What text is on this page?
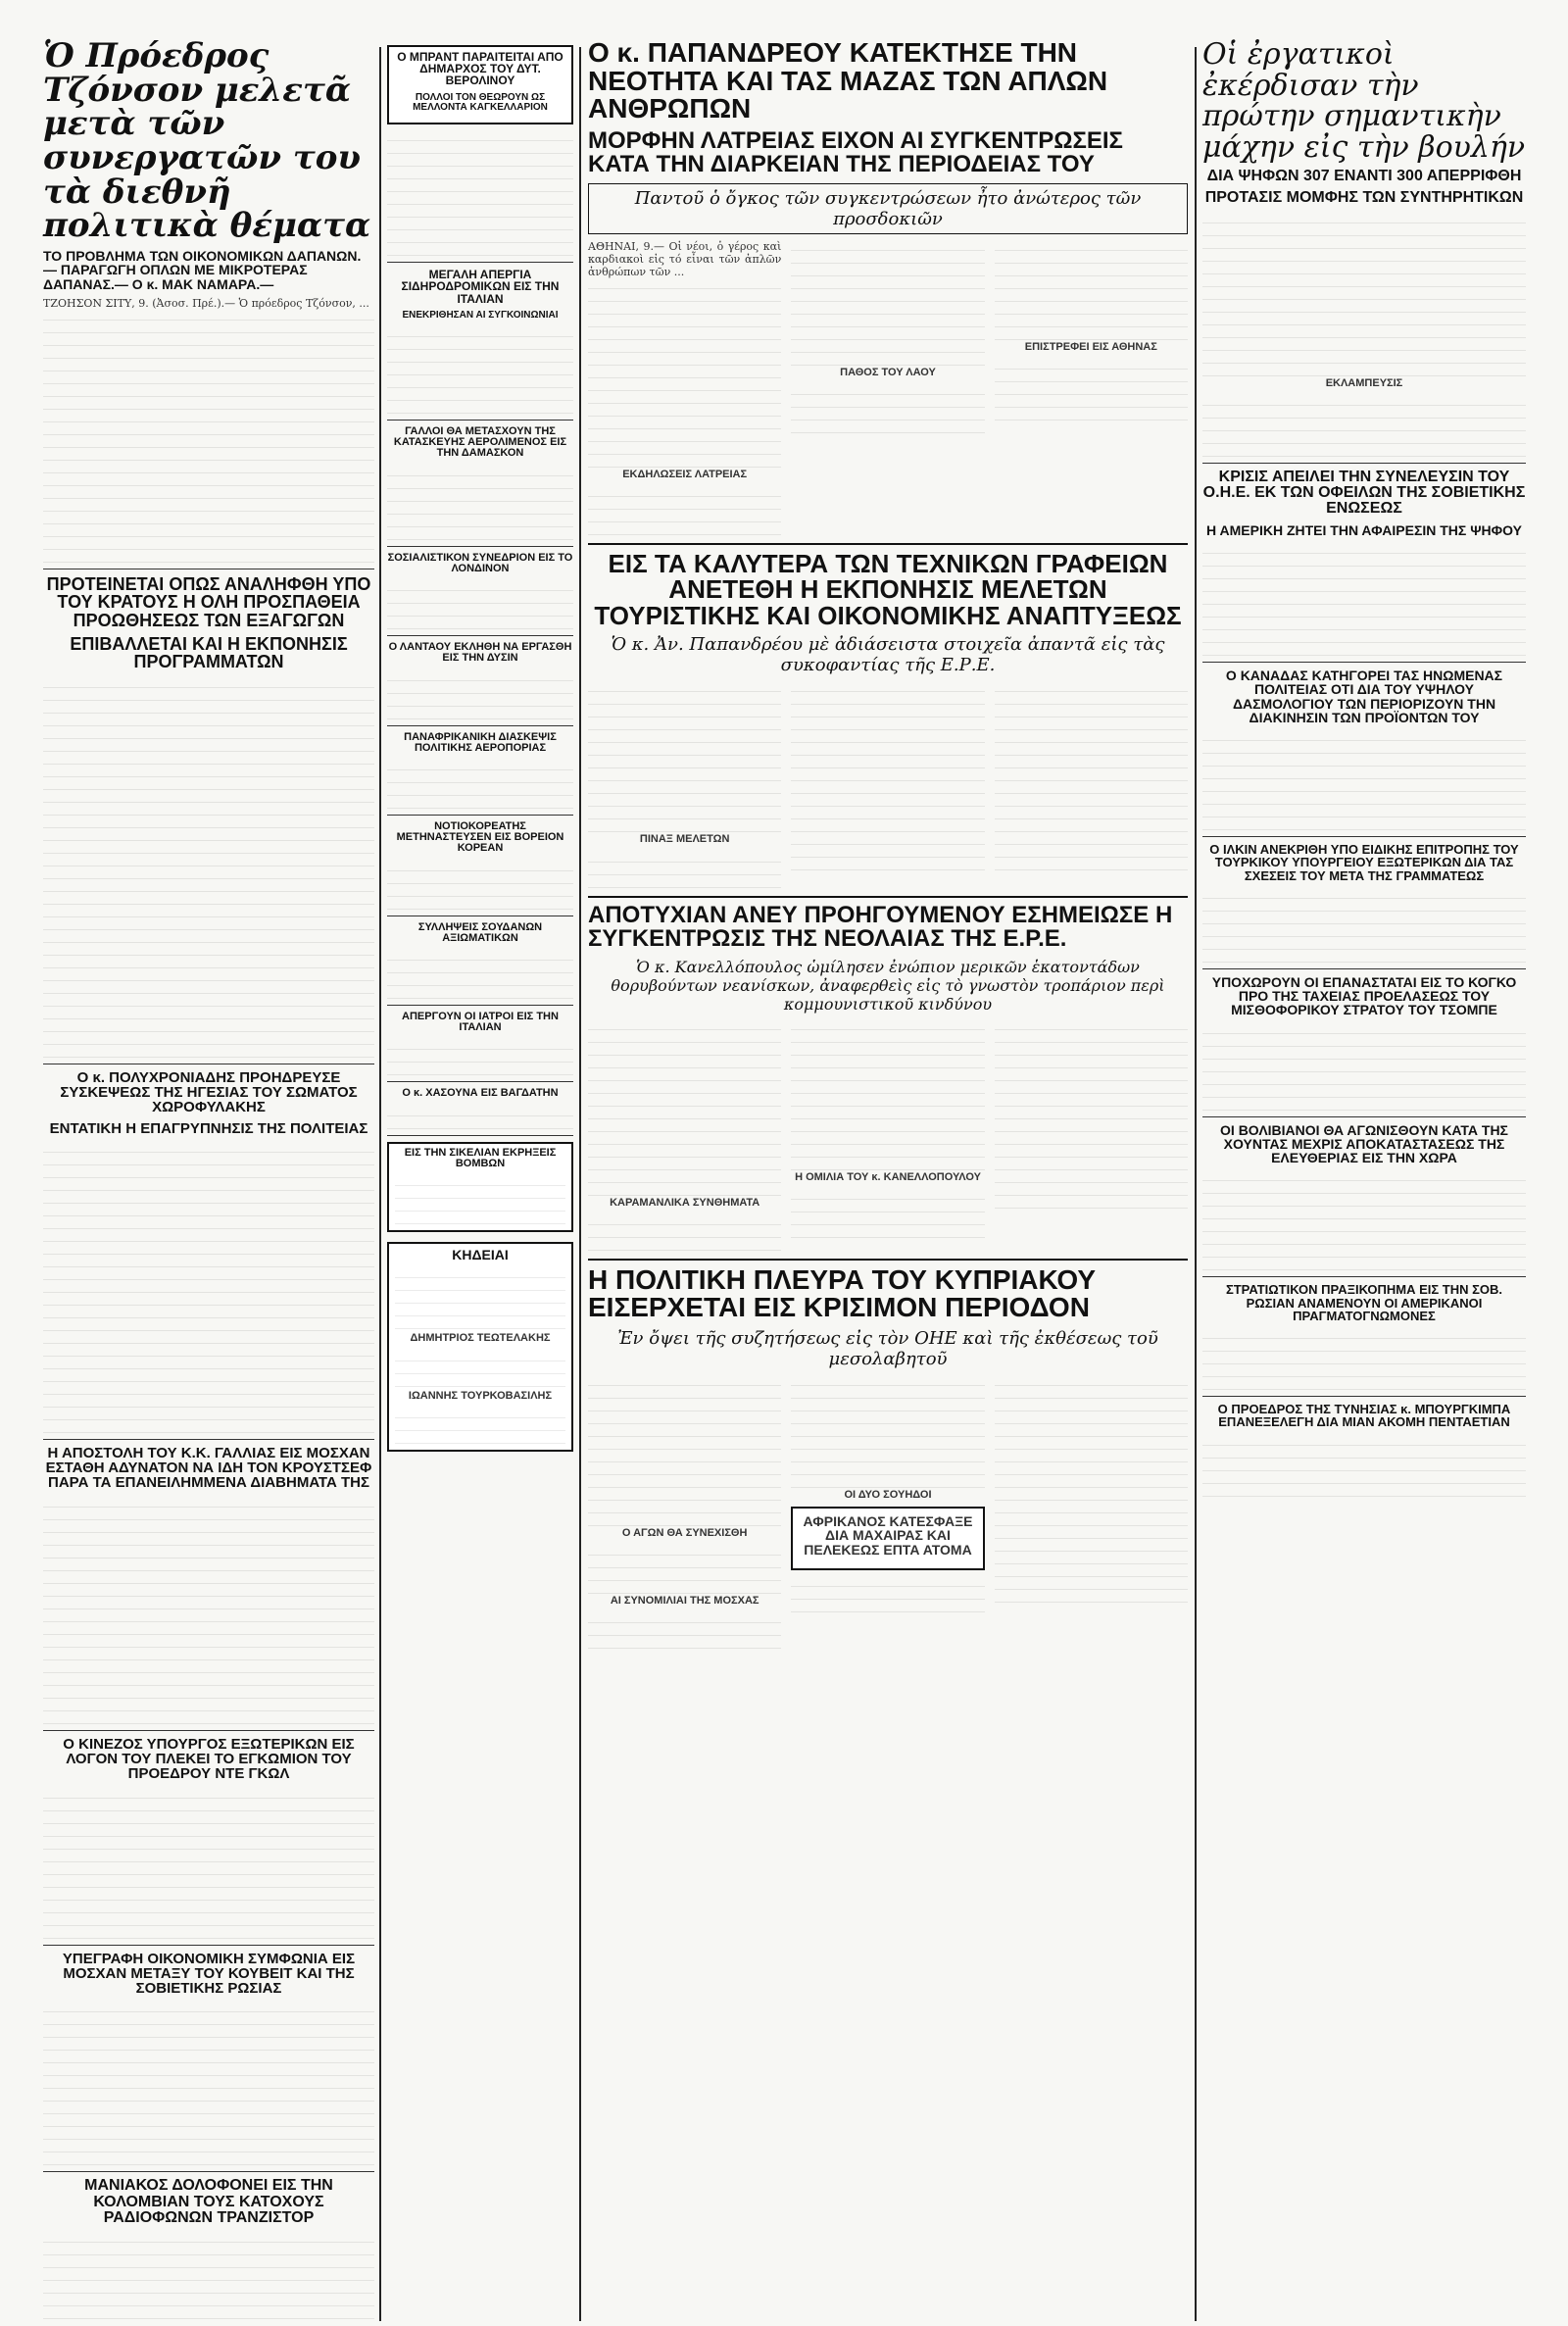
Ὁ Πρόεδρος Τζόνσον μελετᾶ μετὰ τῶν συνεργατῶν του τὰ διεθνῆ πολιτικὰ θέματα
ΤΟ ΠΡΟΒΛΗΜΑ ΤΩΝ ΟΙΚΟΝΟΜΙΚΩΝ ΔΑΠΑΝΩΝ.— ΠΑΡΑΓΩΓΗ ΟΠΛΩΝ ΜΕ ΜΙΚΡΟΤΕΡΑΣ ΔΑΠΑΝΑΣ.— Ο κ. ΜΑΚ ΝΑΜΑΡΑ.—
ΤΖΟΗΣΟΝ ΣΙΤΥ, 9. (Ἀσοσ. Πρέ.).— Ὁ πρόεδρος Τζόνσον, ...
ΠΡΟΤΕΙΝΕΤΑΙ ΟΠΩΣ ΑΝΑΛΗΦΘΗ ΥΠΟ ΤΟΥ ΚΡΑΤΟΥΣ Η ΟΛΗ ΠΡΟΣΠΑΘΕΙΑ ΠΡΟΩΘΗΣΕΩΣ ΤΩΝ ΕΞΑΓΩΓΩΝ
ΕΠΙΒΑΛΛΕΤΑΙ ΚΑΙ Η ΕΚΠΟΝΗΣΙΣ ΠΡΟΓΡΑΜΜΑΤΩΝ
Ο κ. ΠΟΛΥΧΡΟΝΙΑΔΗΣ ΠΡΟΗΔΡΕΥΣΕ ΣΥΣΚΕΨΕΩΣ ΤΗΣ ΗΓΕΣΙΑΣ ΤΟΥ ΣΩΜΑΤΟΣ ΧΩΡΟΦΥΛΑΚΗΣ
ΕΝΤΑΤΙΚΗ Η ΕΠΑΓΡΥΠΝΗΣΙΣ ΤΗΣ ΠΟΛΙΤΕΙΑΣ
Η ΑΠΟΣΤΟΛΗ ΤΟΥ Κ.Κ. ΓΑΛΛΙΑΣ ΕΙΣ ΜΟΣΧΑΝ ΕΣΤΑΘΗ ΑΔΥΝΑΤΟΝ ΝΑ ΙΔΗ ΤΟΝ ΚΡΟΥΣΤΣΕΦ ΠΑΡΑ ΤΑ ΕΠΑΝΕΙΛΗΜΜΕΝΑ ΔΙΑΒΗΜΑΤΑ ΤΗΣ
Ο ΚΙΝΕΖΟΣ ΥΠΟΥΡΓΟΣ ΕΞΩΤΕΡΙΚΩΝ ΕΙΣ ΛΟΓΟΝ ΤΟΥ ΠΛΕΚΕΙ ΤΟ ΕΓΚΩΜΙΟΝ ΤΟΥ ΠΡΟΕΔΡΟΥ ΝΤΕ ΓΚΩΛ
ΥΠΕΓΡΑΦΗ ΟΙΚΟΝΟΜΙΚΗ ΣΥΜΦΩΝΙΑ ΕΙΣ ΜΟΣΧΑΝ ΜΕΤΑΞΥ ΤΟΥ ΚΟΥΒΕΙΤ ΚΑΙ ΤΗΣ ΣΟΒΙΕΤΙΚΗΣ ΡΩΣΙΑΣ
ΜΑΝΙΑΚΟΣ ΔΟΛΟΦΟΝΕΙ ΕΙΣ ΤΗΝ ΚΟΛΟΜΒΙΑΝ ΤΟΥΣ ΚΑΤΟΧΟΥΣ ΡΑΔΙΟΦΩΝΩΝ ΤΡΑΝΖΙΣΤΟΡ
Ο ΜΠΡΑΝΤ ΠΑΡΑΙΤΕΙΤΑΙ ΑΠΟ ΔΗΜΑΡΧΟΣ ΤΟΥ ΔΥΤ. ΒΕΡΟΛΙΝΟΥ
ΠΟΛΛΟΙ ΤΟΝ ΘΕΩΡΟΥΝ ΩΣ ΜΕΛΛΟΝΤΑ ΚΑΓΚΕΛΛΑΡΙΟΝ
ΜΕΓΑΛΗ ΑΠΕΡΓΙΑ ΣΙΔΗΡΟΔΡΟΜΙΚΩΝ ΕΙΣ ΤΗΝ ΙΤΑΛΙΑΝ
ΕΝΕΚΡΙΘΗΣΑΝ ΑΙ ΣΥΓΚΟΙΝΩΝΙΑΙ
ΓΑΛΛΟΙ ΘΑ ΜΕΤΑΣΧΟΥΝ ΤΗΣ ΚΑΤΑΣΚΕΥΗΣ ΑΕΡΟΛΙΜΕΝΟΣ ΕΙΣ ΤΗΝ ΔΑΜΑΣΚΟΝ
ΣΟΣΙΑΛΙΣΤΙΚΟΝ ΣΥΝΕΔΡΙΟΝ ΕΙΣ ΤΟ ΛΟΝΔΙΝΟΝ
Ο ΛΑΝΤΑΟΥ ΕΚΛΗΘΗ ΝΑ ΕΡΓΑΣΘΗ ΕΙΣ ΤΗΝ ΔΥΣΙΝ
ΠΑΝΑΦΡΙΚΑΝΙΚΗ ΔΙΑΣΚΕΨΙΣ ΠΟΛΙΤΙΚΗΣ ΑΕΡΟΠΟΡΙΑΣ
ΝΟΤΙΟΚΟΡΕΑΤΗΣ ΜΕΤΗΝΑΣΤΕΥΣΕΝ ΕΙΣ ΒΟΡΕΙΟΝ ΚΟΡΕΑΝ
ΣΥΛΛΗΨΕΙΣ ΣΟΥΔΑΝΩΝ ΑΞΙΩΜΑΤΙΚΩΝ
ΑΠΕΡΓΟΥΝ ΟΙ ΙΑΤΡΟΙ ΕΙΣ ΤΗΝ ΙΤΑΛΙΑΝ
Ο κ. ΧΑΣΟΥΝΑ ΕΙΣ ΒΑΓΔΑΤΗΝ
ΕΙΣ ΤΗΝ ΣΙΚΕΛΙΑΝ ΕΚΡΗΞΕΙΣ ΒΟΜΒΩΝ
ΚΗΔΕΙΑΙ
ΔΗΜΗΤΡΙΟΣ ΤΕΩΤΕΛΑΚΗΣ
ΙΩΑΝΝΗΣ ΤΟΥΡΚΟΒΑΣΙΛΗΣ
Ο κ. ΠΑΠΑΝΔΡΕΟΥ ΚΑΤΕΚΤΗΣΕ ΤΗΝ ΝΕΟΤΗΤΑ ΚΑΙ ΤΑΣ ΜΑΖΑΣ ΤΩΝ ΑΠΛΩΝ ΑΝΘΡΩΠΩΝ
ΜΟΡΦΗΝ ΛΑΤΡΕΙΑΣ ΕΙΧΟΝ ΑΙ ΣΥΓΚΕΝΤΡΩΣΕΙΣ ΚΑΤΑ ΤΗΝ ΔΙΑΡΚΕΙΑΝ ΤΗΣ ΠΕΡΙΟΔΕΙΑΣ ΤΟΥ
Παντοῦ ὁ ὄγκος τῶν συγκεντρώσεων ἦτο ἀνώτερος τῶν προσδοκιῶν
ΑΘΗΝΑΙ, 9.— Οἱ νέοι, ὁ γέρος καὶ καρδιακοὶ εἰς τό εἶναι τῶν ἀπλῶν ἀνθρώπων τῶν ...
ΕΚΔΗΛΩΣΕΙΣ ΛΑΤΡΕΙΑΣ
ΠΑΘΟΣ ΤΟΥ ΛΑΟΥ
ΕΠΙΣΤΡΕΦΕΙ ΕΙΣ ΑΘΗΝΑΣ
ΕΙΣ ΤΑ ΚΑΛΥΤΕΡΑ ΤΩΝ ΤΕΧΝΙΚΩΝ ΓΡΑΦΕΙΩΝ ΑΝΕΤΕΘΗ Η ΕΚΠΟΝΗΣΙΣ ΜΕΛΕΤΩΝ ΤΟΥΡΙΣΤΙΚΗΣ ΚΑΙ ΟΙΚΟΝΟΜΙΚΗΣ ΑΝΑΠΤΥΞΕΩΣ
Ὁ κ. Ἀν. Παπανδρέου μὲ ἀδιάσειστα στοιχεῖα ἀπαντᾶ εἰς τὰς συκοφαντίας τῆς Ε.Ρ.Ε.
ΠΙΝΑΞ ΜΕΛΕΤΩΝ
ΑΠΟΤΥΧΙΑΝ ΑΝΕΥ ΠΡΟΗΓΟΥΜΕΝΟΥ ΕΣΗΜΕΙΩΣΕ Η ΣΥΓΚΕΝΤΡΩΣΙΣ ΤΗΣ ΝΕΟΛΑΙΑΣ ΤΗΣ Ε.Ρ.Ε.
Ὁ κ. Κανελλόπουλος ὡμίλησεν ἐνώπιον μερικῶν ἑκατοντάδων θορυβούντων νεανίσκων, ἀναφερθεὶς εἰς τὸ γνωστὸν τροπάριον περὶ κομμουνιστικοῦ κινδύνου
ΚΑΡΑΜΑΝΛΙΚΑ ΣΥΝΘΗΜΑΤΑ
Η ΟΜΙΛΙΑ ΤΟΥ κ. ΚΑΝΕΛΛΟΠΟΥΛΟΥ
Η ΠΟΛΙΤΙΚΗ ΠΛΕΥΡΑ ΤΟΥ ΚΥΠΡΙΑΚΟΥ ΕΙΣΕΡΧΕΤΑΙ ΕΙΣ ΚΡΙΣΙΜΟΝ ΠΕΡΙΟΔΟΝ
Ἐν ὄψει τῆς συζητήσεως εἰς τὸν ΟΗΕ καὶ τῆς ἐκθέσεως τοῦ μεσολαβητοῦ
Ο ΑΓΩΝ ΘΑ ΣΥΝΕΧΙΣΘΗ
ΑΙ ΣΥΝΟΜΙΛΙΑΙ ΤΗΣ ΜΟΣΧΑΣ
ΟΙ ΔΥΟ ΣΟΥΗΔΟΙ
ΑΦΡΙΚΑΝΟΣ ΚΑΤΕΣΦΑΞΕ ΔΙΑ ΜΑΧΑΙΡΑΣ ΚΑΙ ΠΕΛΕΚΕΩΣ ΕΠΤΑ ΑΤΟΜΑ
Οἱ ἐργατικοὶ ἐκέρδισαν τὴν πρώτην σημαντικὴν μάχην εἰς τὴν βουλήν
ΔΙΑ ΨΗΦΩΝ 307 ΕΝΑΝΤΙ 300 ΑΠΕΡΡΙΦΘΗ
ΠΡΟΤΑΣΙΣ ΜΟΜΦΗΣ ΤΩΝ ΣΥΝΤΗΡΗΤΙΚΩΝ
ΕΚΛΑΜΠΕΥΣΙΣ
ΚΡΙΣΙΣ ΑΠΕΙΛΕΙ ΤΗΝ ΣΥΝΕΛΕΥΣΙΝ ΤΟΥ Ο.Η.Ε. ΕΚ ΤΩΝ ΟΦΕΙΛΩΝ ΤΗΣ ΣΟΒΙΕΤΙΚΗΣ ΕΝΩΣΕΩΣ
Η ΑΜΕΡΙΚΗ ΖΗΤΕΙ ΤΗΝ ΑΦΑΙΡΕΣΙΝ ΤΗΣ ΨΗΦΟΥ
Ο ΚΑΝΑΔΑΣ ΚΑΤΗΓΟΡΕΙ ΤΑΣ ΗΝΩΜΕΝΑΣ ΠΟΛΙΤΕΙΑΣ ΟΤΙ ΔΙΑ ΤΟΥ ΥΨΗΛΟΥ ΔΑΣΜΟΛΟΓΙΟΥ ΤΩΝ ΠΕΡΙΟΡΙΖΟΥΝ ΤΗΝ ΔΙΑΚΙΝΗΣΙΝ ΤΩΝ ΠΡΟΪΟΝΤΩΝ ΤΟΥ
Ο ΙΛΚΙΝ ΑΝΕΚΡΙΘΗ ΥΠΟ ΕΙΔΙΚΗΣ ΕΠΙΤΡΟΠΗΣ ΤΟΥ ΤΟΥΡΚΙΚΟΥ ΥΠΟΥΡΓΕΙΟΥ ΕΞΩΤΕΡΙΚΩΝ ΔΙΑ ΤΑΣ ΣΧΕΣΕΙΣ ΤΟΥ ΜΕΤΑ ΤΗΣ ΓΡΑΜΜΑΤΕΩΣ
ΥΠΟΧΩΡΟΥΝ ΟΙ ΕΠΑΝΑΣΤΑΤΑΙ ΕΙΣ ΤΟ ΚΟΓΚΟ ΠΡΟ ΤΗΣ ΤΑΧΕΙΑΣ ΠΡΟΕΛΑΣΕΩΣ ΤΟΥ ΜΙΣΘΟΦΟΡΙΚΟΥ ΣΤΡΑΤΟΥ ΤΟΥ ΤΣΟΜΠΕ
ΟΙ ΒΟΛΙΒΙΑΝΟΙ ΘΑ ΑΓΩΝΙΣΘΟΥΝ ΚΑΤΑ ΤΗΣ ΧΟΥΝΤΑΣ ΜΕΧΡΙΣ ΑΠΟΚΑΤΑΣΤΑΣΕΩΣ ΤΗΣ ΕΛΕΥΘΕΡΙΑΣ ΕΙΣ ΤΗΝ ΧΩΡΑ
ΣΤΡΑΤΙΩΤΙΚΟΝ ΠΡΑΞΙΚΟΠΗΜΑ ΕΙΣ ΤΗΝ ΣΟΒ. ΡΩΣΙΑΝ ΑΝΑΜΕΝΟΥΝ ΟΙ ΑΜΕΡΙΚΑΝΟΙ ΠΡΑΓΜΑΤΟΓΝΩΜΟΝΕΣ
Ο ΠΡΟΕΔΡΟΣ ΤΗΣ ΤΥΝΗΣΙΑΣ κ. ΜΠΟΥΡΓΚΙΜΠΑ ΕΠΑΝΕΞΕΛΕΓΗ ΔΙΑ ΜΙΑΝ ΑΚΟΜΗ ΠΕΝΤΑΕΤΙΑΝ
